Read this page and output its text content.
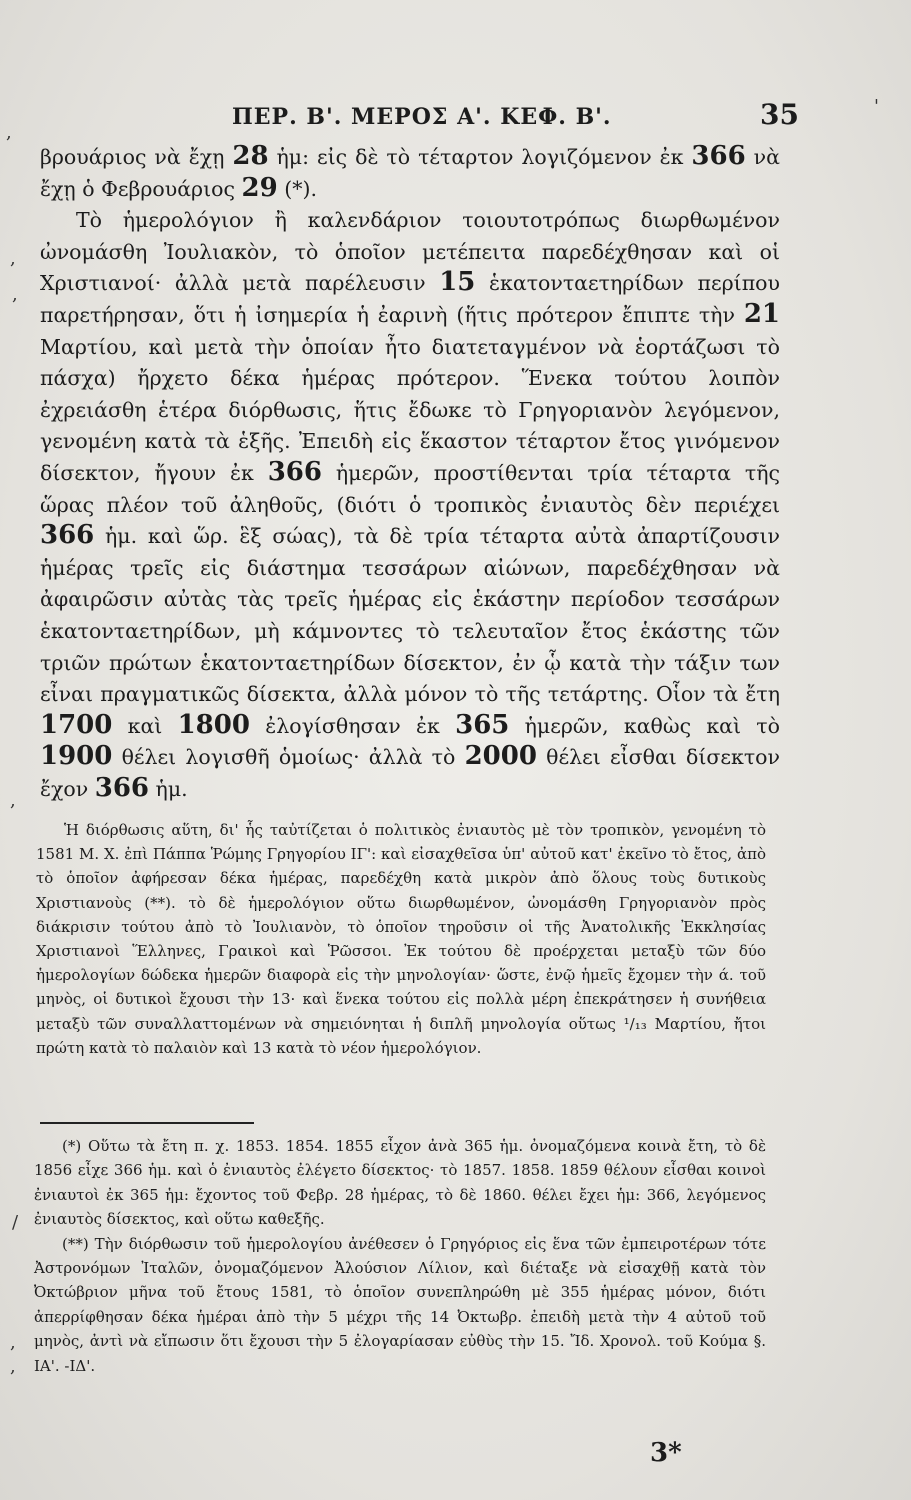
ΠΕΡ. Β'. ΜΕΡΟΣ Α'. ΚΕΦ. Β'.	35

βρουάριος νὰ ἔχῃ 28 ἡμ: εἰς δὲ τὸ τέταρτον λογιζόμενον ἐκ 366 νὰ ἔχῃ ὁ Φεβρουάριος 29 (*).

Τὸ ἡμερολόγιον ἢ καλενδάριον τοιουτοτρόπως διωρθωμένον ὠνομάσθη Ἰουλιακὸν, τὸ ὁποῖον μετέπειτα παρεδέχθησαν καὶ οἱ Χριστιανοί· ἀλλὰ μετὰ παρέλευσιν 15 ἑκατονταετηρίδων περίπου παρετήρησαν, ὅτι ἡ ἰσημερία ἡ ἐαρινὴ (ἥτις πρότερον ἔπιπτε τὴν 21 Μαρτίου, καὶ μετὰ τὴν ὁποίαν ἦτο διατεταγμένον νὰ ἑορτάζωσι τὸ πάσχα) ἤρχετο δέκα ἡμέρας πρότερον. Ἕνεκα τούτου λοιπὸν ἐχρειάσθη ἑτέρα διόρθωσις, ἥτις ἔδωκε τὸ Γρηγοριανὸν λεγόμενον, γενομένη κατὰ τὰ ἑξῆς. Ἐπειδὴ εἰς ἕκαστον τέταρτον ἔτος γινόμενον δίσεκτον, ἤγουν ἐκ 366 ἡμερῶν, προστίθενται τρία τέταρτα τῆς ὥρας πλέον τοῦ ἀληθοῦς, (διότι ὁ τροπικὸς ἐνιαυτὸς δὲν περιέχει 366 ἡμ. καὶ ὥρ. ἓξ σώας), τὰ δὲ τρία τέταρτα αὐτὰ ἀπαρτίζουσιν ἡμέρας τρεῖς εἰς διάστημα τεσσάρων αἰώνων, παρεδέχθησαν νὰ ἀφαιρῶσιν αὐτὰς τὰς τρεῖς ἡμέρας εἰς ἑκάστην περίοδον τεσσάρων ἑκατονταετηρίδων, μὴ κάμνοντες τὸ τελευταῖον ἔτος ἑκάστης τῶν τριῶν πρώτων ἑκατονταετηρίδων δίσεκτον, ἐν ᾧ κατὰ τὴν τάξιν των εἶναι πραγματικῶς δίσεκτα, ἀλλὰ μόνον τὸ τῆς τετάρτης. Οἷον τὰ ἔτη 1700 καὶ 1800 ἐλογίσθησαν ἐκ 365 ἡμερῶν, καθὼς καὶ τὸ 1900 θέλει λογισθῆ ὁμοίως· ἀλλὰ τὸ 2000 θέλει εἶσθαι δίσεκτον ἔχον 366 ἡμ.

Ἡ διόρθωσις αὕτη, δι' ἧς ταὐτίζεται ὁ πολιτικὸς ἐνιαυτὸς μὲ τὸν τροπικὸν, γενομένη τὸ 1581 Μ. Χ. ἐπὶ Πάππα Ῥώμης Γρηγορίου ΙΓ': καὶ εἰσαχθεῖσα ὑπ' αὐτοῦ κατ' ἐκεῖνο τὸ ἔτος, ἀπὸ τὸ ὁποῖον ἀφήρεσαν δέκα ἡμέρας, παρεδέχθη κατὰ μικρὸν ἀπὸ ὅλους τοὺς δυτικοὺς Χριστιανοὺς (**). τὸ δὲ ἡμερολόγιον οὕτω διωρθωμένον, ὠνομάσθη Γρηγοριανὸν πρὸς διάκρισιν τούτου ἀπὸ τὸ Ἰουλιανὸν, τὸ ὁποῖον τηροῦσιν οἱ τῆς Ἀνατολικῆς Ἐκκλησίας Χριστιανοὶ Ἕλληνες, Γραικοὶ καὶ Ῥῶσσοι. Ἐκ τούτου δὲ προέρχεται μεταξὺ τῶν δύο ἡμερολογίων δώδεκα ἡμερῶν διαφορὰ εἰς τὴν μηνολογίαν· ὥστε, ἐνῷ ἡμεῖς ἔχομεν τὴν ά. τοῦ μηνὸς, οἱ δυτικοὶ ἔχουσι τὴν 13· καὶ ἕνεκα τούτου εἰς πολλὰ μέρη ἐπεκράτησεν ἡ συνήθεια μεταξὺ τῶν συναλλαττομένων νὰ σημειόνηται ἡ διπλῆ μηνολογία οὕτως ¹/₁₃ Μαρτίου, ἤτοι πρώτη κατὰ τὸ παλαιὸν καὶ 13 κατὰ τὸ νέον ἡμερολόγιον.

(*) Οὕτω τὰ ἔτη π. χ. 1853. 1854. 1855 εἶχον ἀνὰ 365 ἡμ. ὀνομαζόμενα κοινὰ ἔτη, τὸ δὲ 1856 εἶχε 366 ἡμ. καὶ ὁ ἐνιαυτὸς ἐλέγετο δίσεκτος· τὸ 1857. 1858. 1859 θέλουν εἶσθαι κοινοὶ ἐνιαυτοὶ ἐκ 365 ἡμ: ἔχοντος τοῦ Φεβρ. 28 ἡμέρας, τὸ δὲ 1860. θέλει ἔχει ἡμ: 366, λεγόμενος ἐνιαυτὸς δίσεκτος, καὶ οὕτω καθεξῆς.

(**) Τὴν διόρθωσιν τοῦ ἡμερολογίου ἀνέθεσεν ὁ Γρηγόριος εἰς ἕνα τῶν ἐμπειροτέρων τότε Ἀστρονόμων Ἰταλῶν, ὀνομαζόμενον Ἀλούσιον Λίλιον, καὶ διέταξε νὰ εἰσαχθῇ κατὰ τὸν Ὀκτώβριον μῆνα τοῦ ἔτους 1581, τὸ ὁποῖον συνεπληρώθη μὲ 355 ἡμέρας μόνον, διότι ἀπερρίφθησαν δέκα ἡμέραι ἀπὸ τὴν 5 μέχρι τῆς 14 Ὀκτωβρ. ἐπειδὴ μετὰ τὴν 4 αὐτοῦ τοῦ μηνὸς, ἀντὶ νὰ εἴπωσιν ὅτι ἔχουσι τὴν 5 ἐλογαρίασαν εὐθὺς τὴν 15. Ἴδ. Χρονολ. τοῦ Κούμα §. ΙΑ'. -ΙΔ'.

3*
,
,
,
,
/
,
,
'
